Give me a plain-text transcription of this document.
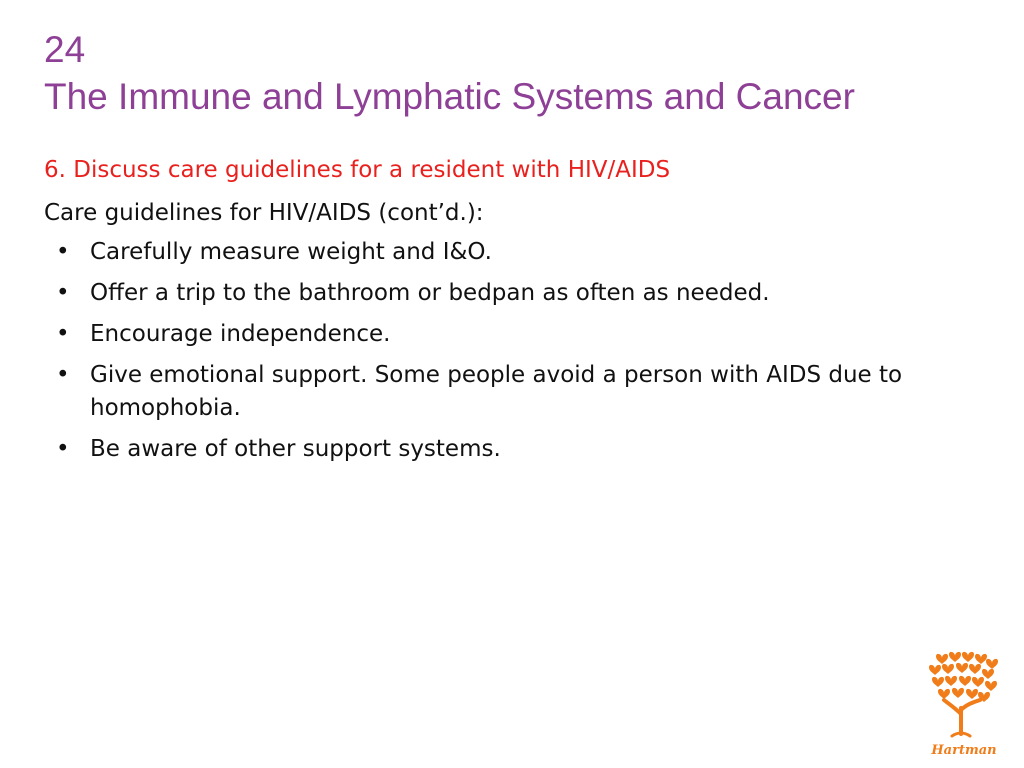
24
The Immune and Lymphatic Systems and Cancer
6. Discuss care guidelines for a resident with HIV/AIDS
Care guidelines for HIV/AIDS (cont’d.):
• Carefully measure weight and I&O.
• Offer a trip to the bathroom or bedpan as often as needed.
• Encourage independence.
• Give emotional support. Some people avoid a person with AIDS due to homophobia.
• Be aware of other support systems.
Hartman
